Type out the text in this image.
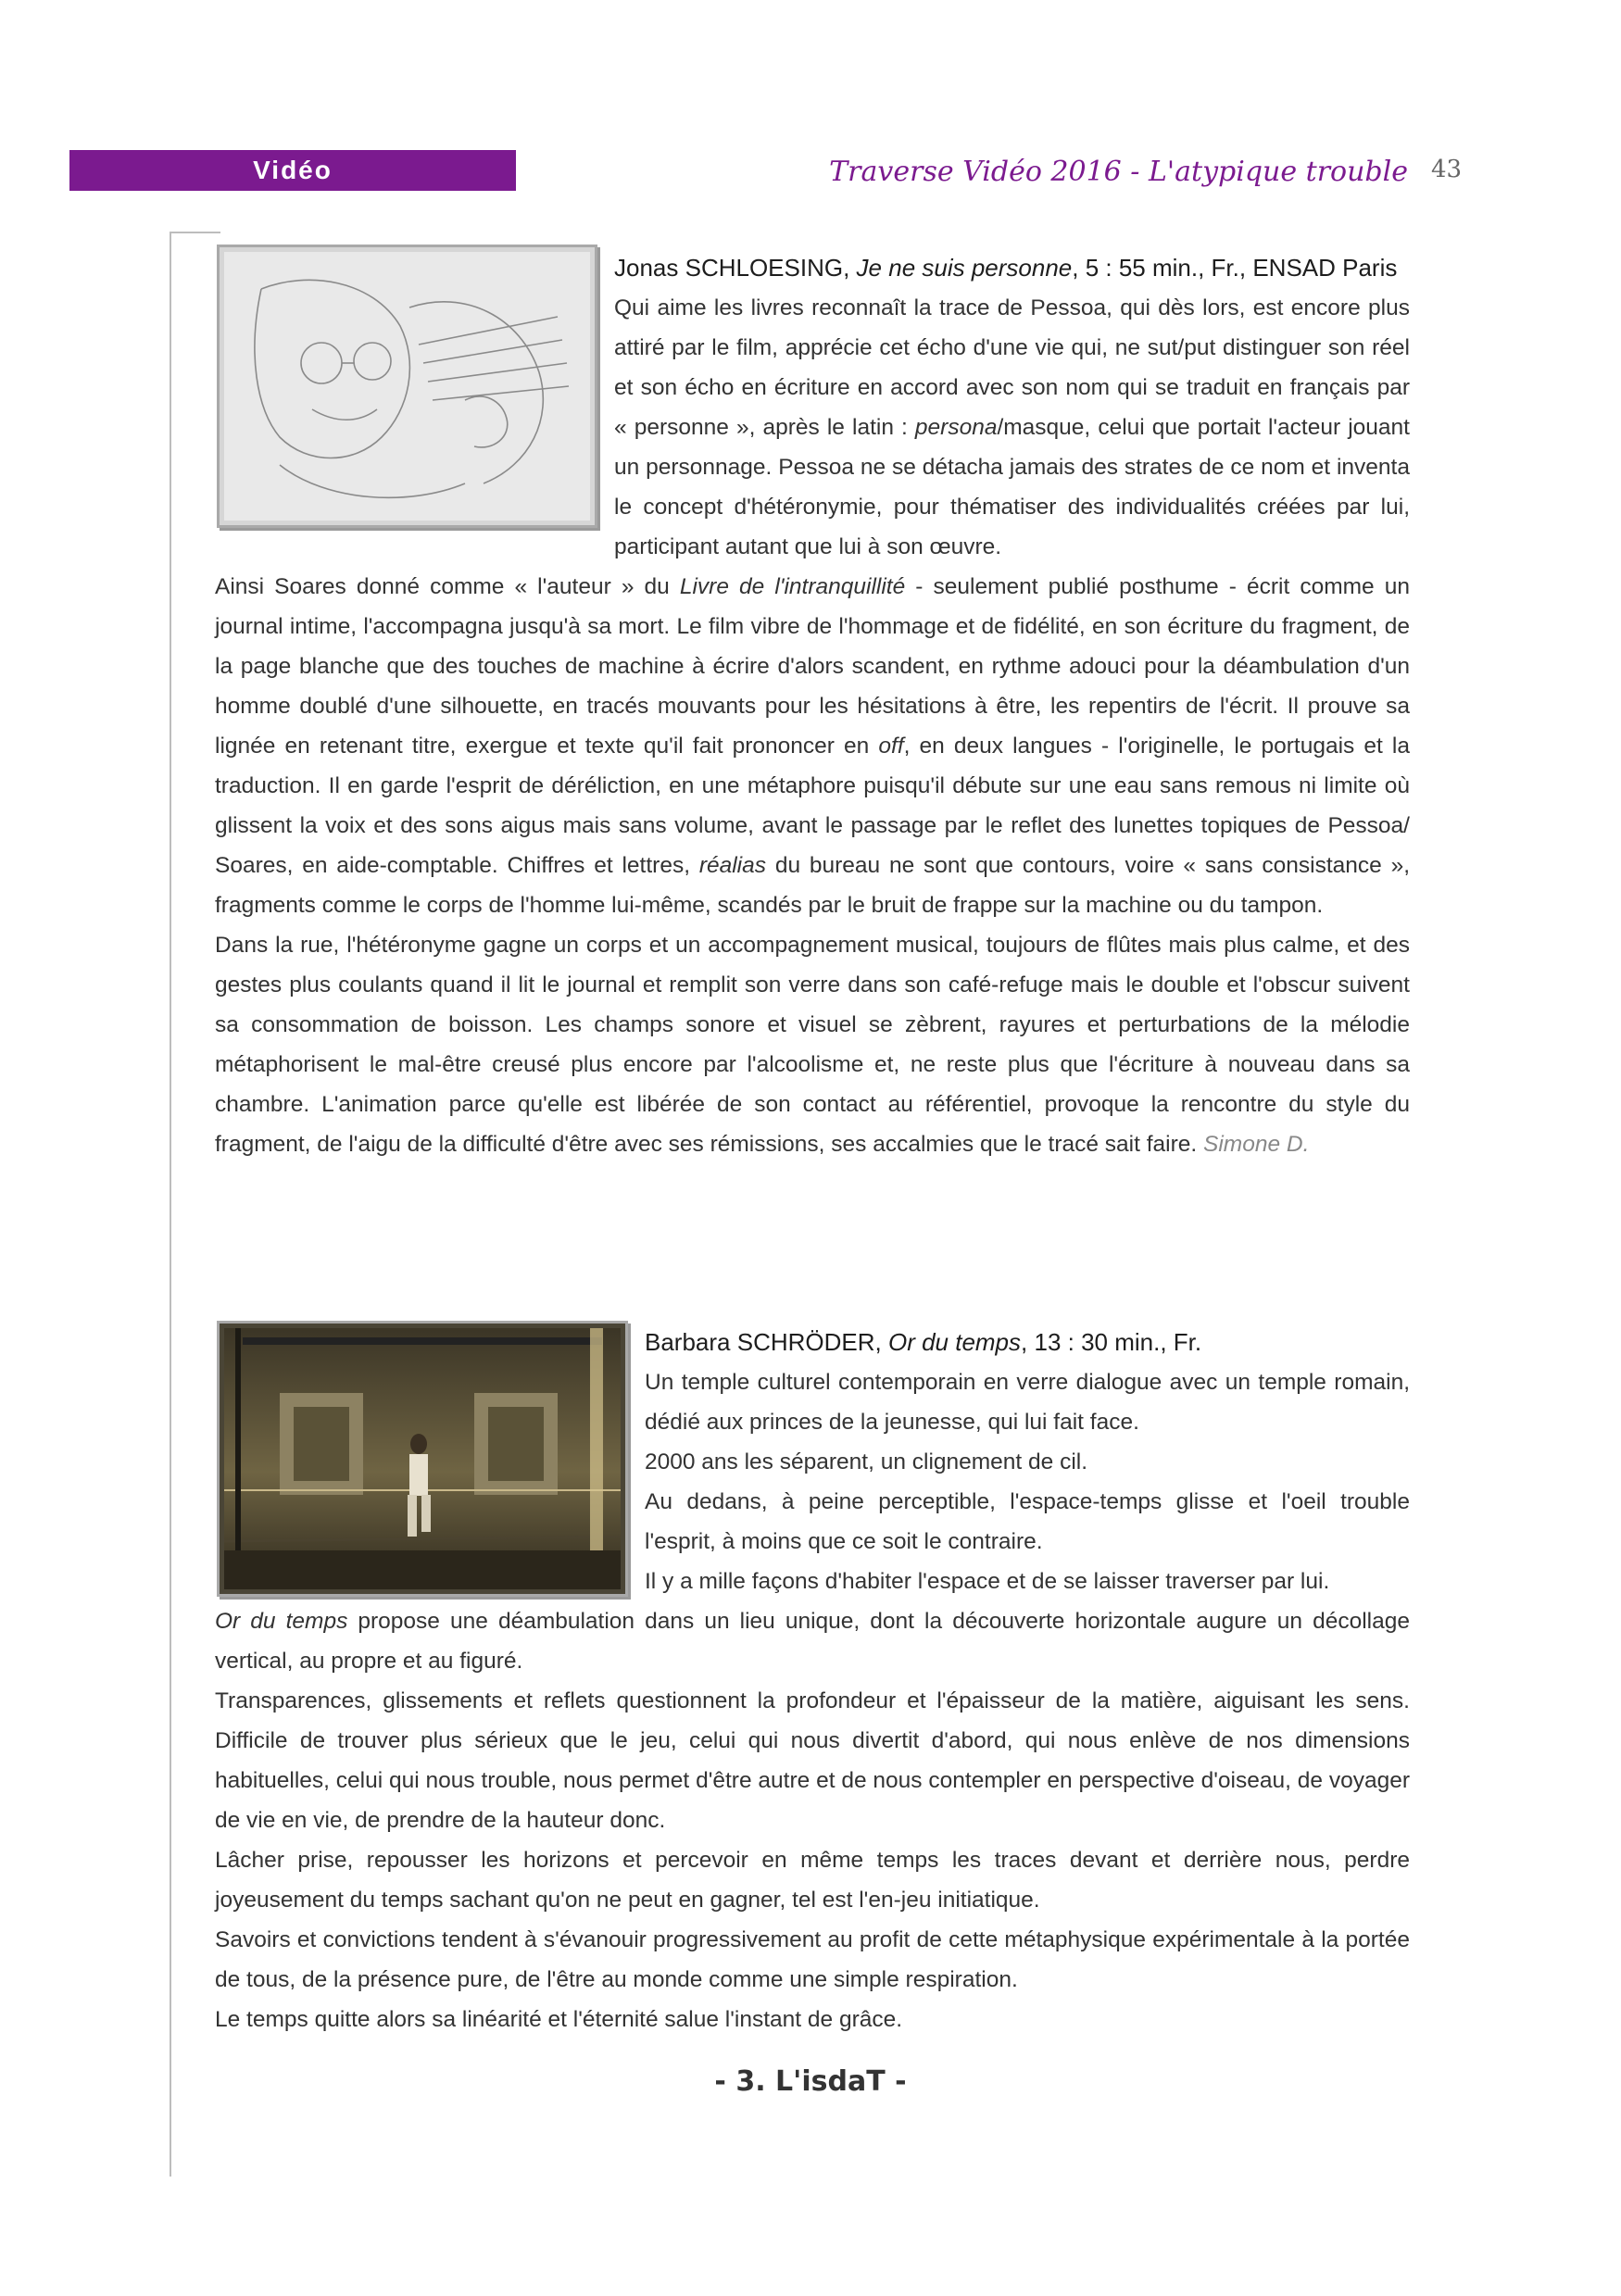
Vidéo	Traverse Vidéo 2016 - L'atypique trouble 43

Jonas SCHLOESING, Je ne suis personne, 5 : 55 min., Fr., ENSAD Paris

Qui aime les livres reconnaît la trace de Pessoa, qui dès lors, est encore plus attiré par le film, apprécie cet écho d'une vie qui, ne sut/put distinguer son réel et son écho en écriture en accord avec son nom qui se traduit en français par « personne », après le latin : persona/masque, celui que portait l'acteur jouant un personnage. Pessoa ne se détacha jamais des strates de ce nom et inventa le concept d'hétéronymie, pour thématiser des individualités créées par lui, participant autant que lui à son œuvre.

Ainsi Soares donné comme « l'auteur » du Livre de l'intranquillité - seulement publié posthume - écrit comme un journal intime, l'accompagna jusqu'à sa mort. Le film vibre de l'hommage et de fidélité, en son écriture du fragment, de la page blanche que des touches de machine à écrire d'alors scandent, en rythme adouci pour la déambulation d'un homme doublé d'une silhouette, en tracés mouvants pour les hésitations à être, les repentirs de l'écrit. Il prouve sa lignée en retenant titre, exergue et texte qu'il fait prononcer en off, en deux langues - l'originelle, le portugais et la traduction. Il en garde l'esprit de déréliction, en une métaphore puisqu'il débute sur une eau sans remous ni limite où glissent la voix et des sons aigus mais sans volume, avant le passage par le reflet des lunettes topiques de Pessoa/ Soares, en aide-comptable. Chiffres et lettres, réalias du bureau ne sont que contours, voire « sans consistance », fragments comme le corps de l'homme lui-même, scandés par le bruit de frappe sur la machine ou du tampon.

Dans la rue, l'hétéronyme gagne un corps et un accompagnement musical, toujours de flûtes mais plus calme, et des gestes plus coulants quand il lit le journal et remplit son verre dans son café-refuge mais le double et l'obscur suivent sa consommation de boisson. Les champs sonore et visuel se zèbrent, rayures et perturbations de la mélodie métaphorisent le mal-être creusé plus encore par l'alcoolisme et, ne reste plus que l'écriture à nouveau dans sa chambre. L'animation parce qu'elle est libérée de son contact au référentiel, provoque la rencontre du style du fragment, de l'aigu de la difficulté d'être avec ses rémissions, ses accalmies que le tracé sait faire. Simone D.

Barbara SCHRÖDER, Or du temps, 13 : 30 min., Fr.

Un temple culturel contemporain en verre dialogue avec un temple romain, dédié aux princes de la jeunesse, qui lui fait face.

2000 ans les séparent, un clignement de cil.

Au dedans, à peine perceptible, l'espace-temps glisse et l'oeil trouble l'esprit, à moins que ce soit le contraire.

Il y a mille façons d'habiter l'espace et de se laisser traverser par lui.

Or du temps propose une déambulation dans un lieu unique, dont la découverte horizontale augure un décollage vertical, au propre et au figuré.

Transparences, glissements et reflets questionnent la profondeur et l'épaisseur de la matière, aiguisant les sens. Difficile de trouver plus sérieux que le jeu, celui qui nous divertit d'abord, qui nous enlève de nos dimensions habituelles, celui qui nous trouble, nous permet d'être autre et de nous contempler en perspective d'oiseau, de voyager de vie en vie, de prendre de la hauteur donc.

Lâcher prise, repousser les horizons et percevoir en même temps les traces devant et derrière nous, perdre joyeusement du temps sachant qu'on ne peut en gagner, tel est l'en-jeu initiatique.

Savoirs et convictions tendent à s'évanouir progressivement au profit de cette métaphysique expérimentale à la portée de tous, de la présence pure, de l'être au monde comme une simple respiration.

Le temps quitte alors sa linéarité et l'éternité salue l'instant de grâce.

- 3. L'isdaT -
